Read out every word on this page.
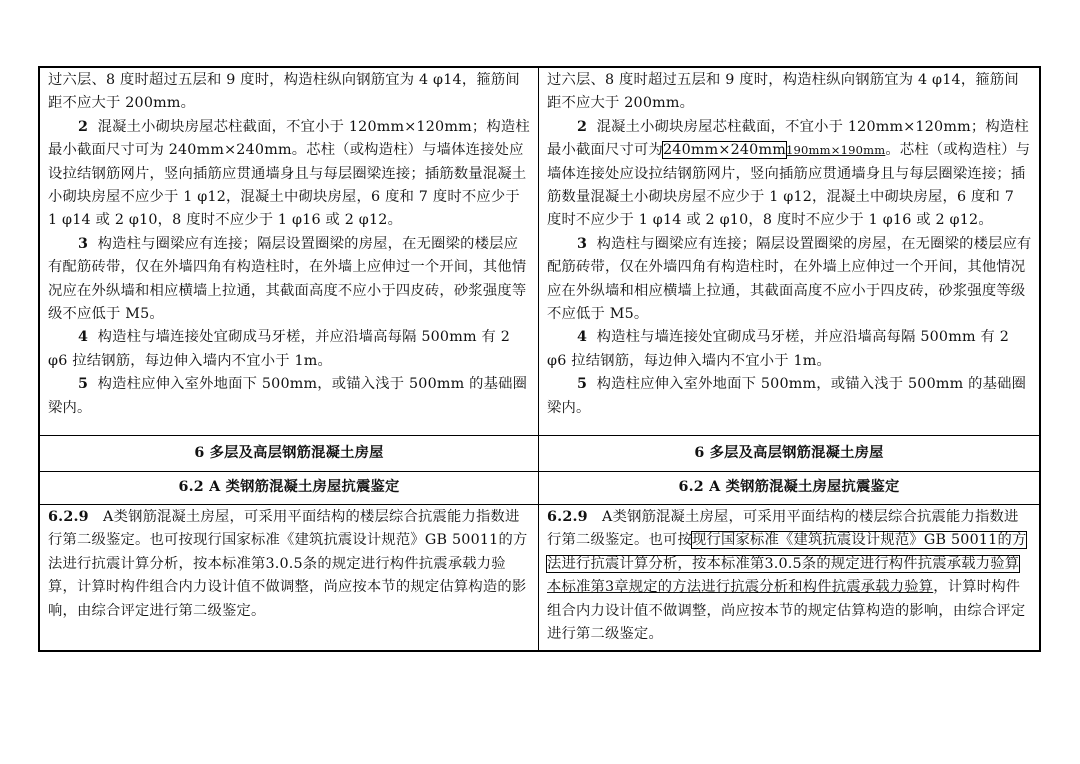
过六层、8 度时超过五层和 9 度时，构造柱纵向钢筋宜为 4 φ14，箍筋间距不应大于 200mm。

2 混凝土小砌块房屋芯柱截面，不宜小于 120mm×120mm；构造柱最小截面尺寸可为 240mm×240mm。芯柱（或构造柱）与墙体连接处应设拉结钢筋网片，竖向插筋应贯通墙身且与每层圈梁连接；插筋数量混凝土小砌块房屋不应少于 1 φ12，混凝土中砌块房屋，6 度和 7 度时不应少于 1 φ14 或 2 φ10，8 度时不应少于 1 φ16 或 2 φ12。

3 构造柱与圈梁应有连接；隔层设置圈梁的房屋，在无圈梁的楼层应有配筋砖带，仅在外墙四角有构造柱时，在外墙上应伸过一个开间，其他情况应在外纵墙和相应横墙上拉通，其截面高度不应小于四皮砖，砂浆强度等级不应低于 M5。

4 构造柱与墙连接处宜砌成马牙槎，并应沿墙高每隔 500mm 有 2 φ6 拉结钢筋，每边伸入墙内不宜小于 1m。

5 构造柱应伸入室外地面下 500mm，或锚入浅于 500mm 的基础圈梁内。

过六层、8 度时超过五层和 9 度时，构造柱纵向钢筋宜为 4 φ14，箍筋间距不应大于 200mm。

2 混凝土小砌块房屋芯柱截面，不宜小于 120mm×120mm；构造柱最小截面尺寸可为240mm×240mm190mm×190mm。芯柱（或构造柱）与墙体连接处应设拉结钢筋网片，竖向插筋应贯通墙身且与每层圈梁连接；插筋数量混凝土小砌块房屋不应少于 1 φ12，混凝土中砌块房屋，6 度和 7 度时不应少于 1 φ14 或 2 φ10，8 度时不应少于 1 φ16 或 2 φ12。

3 构造柱与圈梁应有连接；隔层设置圈梁的房屋，在无圈梁的楼层应有配筋砖带，仅在外墙四角有构造柱时，在外墙上应伸过一个开间，其他情况应在外纵墙和相应横墙上拉通，其截面高度不应小于四皮砖，砂浆强度等级不应低于 M5。

4 构造柱与墙连接处宜砌成马牙槎，并应沿墙高每隔 500mm 有 2 φ6 拉结钢筋，每边伸入墙内不宜小于 1m。

5 构造柱应伸入室外地面下 500mm，或锚入浅于 500mm 的基础圈梁内。

6 多层及高层钢筋混凝土房屋	6 多层及高层钢筋混凝土房屋
6.2 A 类钢筋混凝土房屋抗震鉴定	6.2 A 类钢筋混凝土房屋抗震鉴定

6.2.9 A类钢筋混凝土房屋，可采用平面结构的楼层综合抗震能力指数进行第二级鉴定。也可按现行国家标准《建筑抗震设计规范》GB 50011的方法进行抗震计算分析，按本标准第3.0.5条的规定进行构件抗震承载力验算，计算时构件组合内力设计值不做调整，尚应按本节的规定估算构造的影响，由综合评定进行第二级鉴定。

6.2.9 A类钢筋混凝土房屋，可采用平面结构的楼层综合抗震能力指数进行第二级鉴定。也可按现行国家标准《建筑抗震设计规范》GB 50011的方法进行抗震计算分析，按本标准第3.0.5条的规定进行构件抗震承载力验算本标准第3章规定的方法进行抗震分析和构件抗震承载力验算，计算时构件组合内力设计值不做调整，尚应按本节的规定估算构造的影响，由综合评定进行第二级鉴定。
